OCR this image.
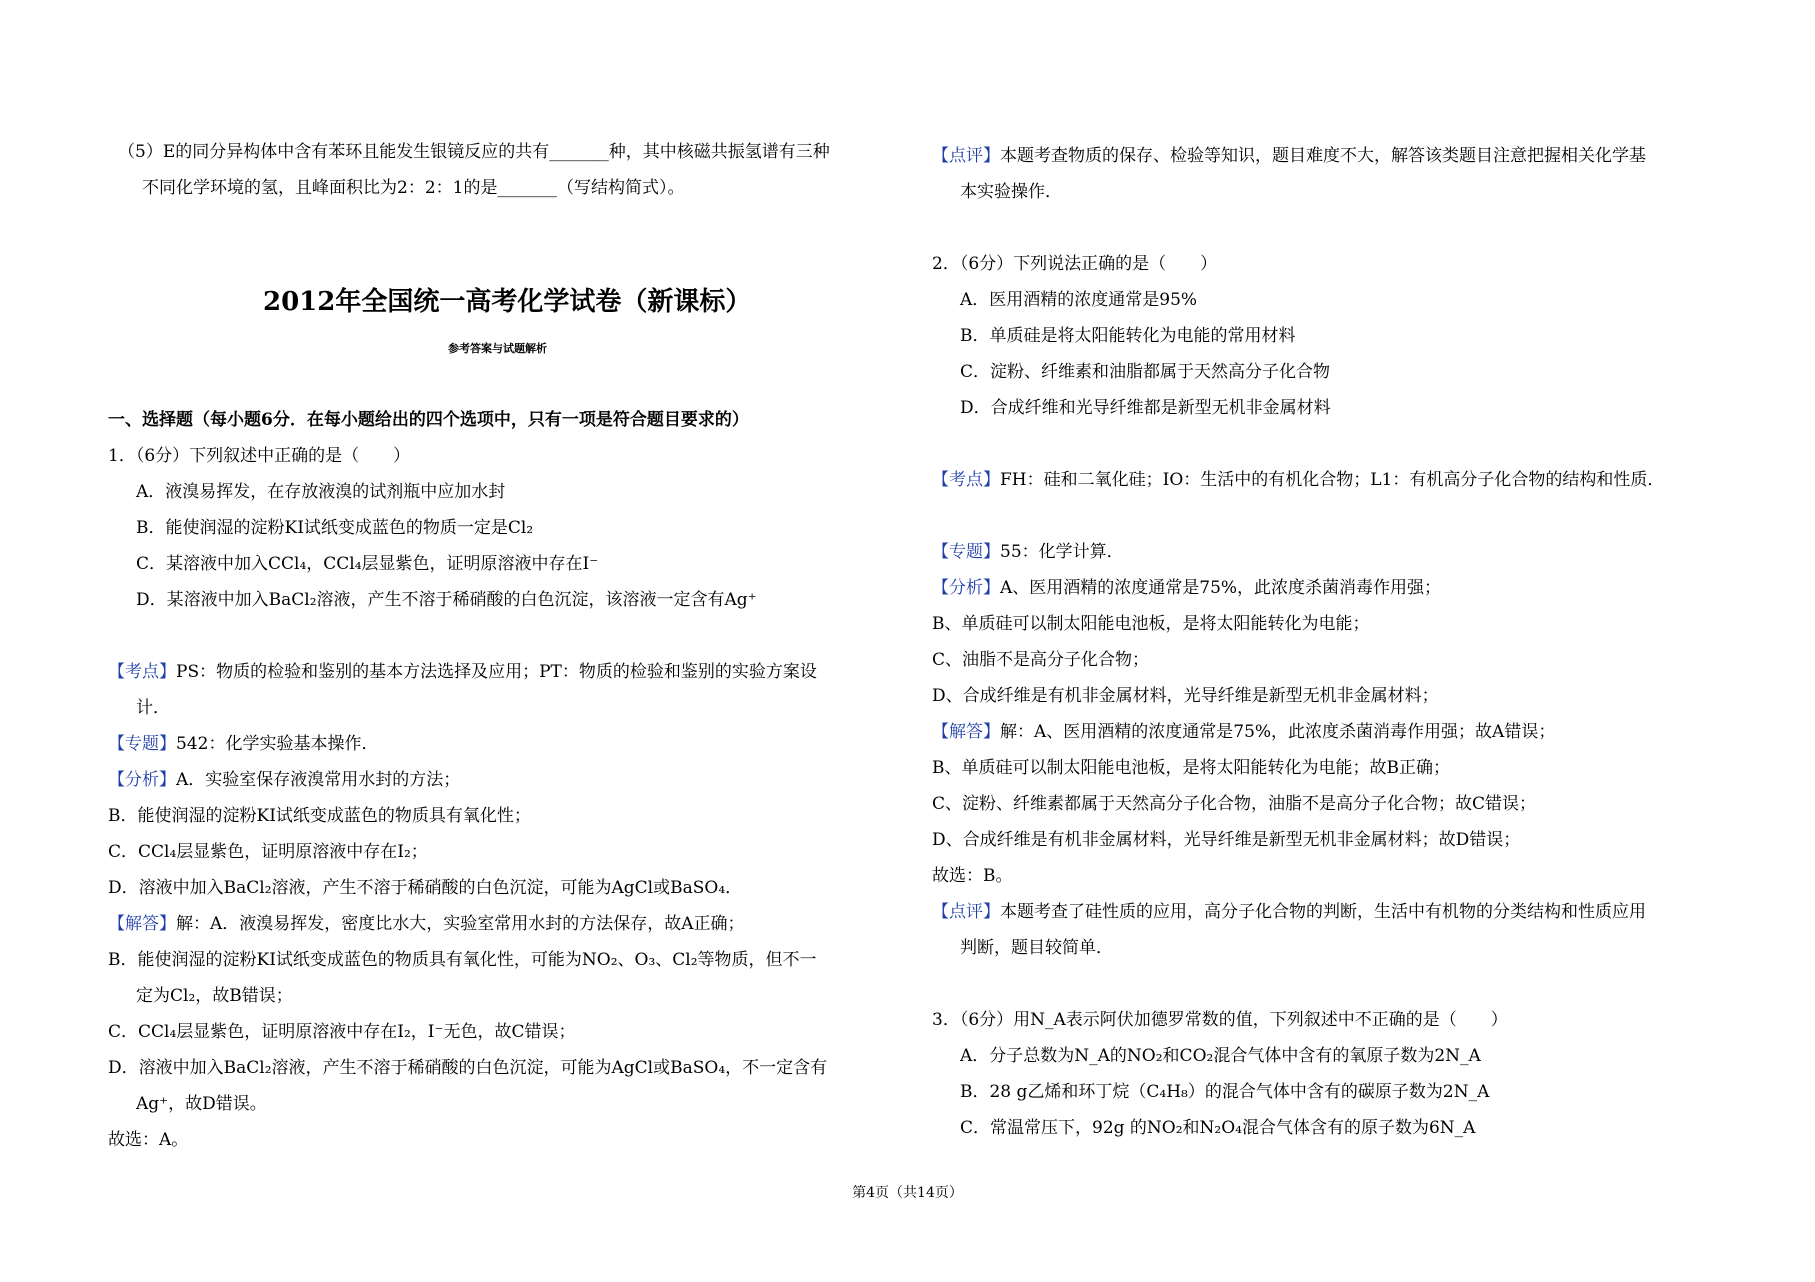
（5）E的同分异构体中含有苯环且能发生银镜反应的共有_______种，其中核磁共振氢谱有三种
不同化学环境的氢，且峰面积比为2：2：1的是_______（写结构简式）。
2012年全国统一高考化学试卷（新课标）
参考答案与试题解析
一、选择题（每小题6分．在每小题给出的四个选项中，只有一项是符合题目要求的）
1．（6分）下列叙述中正确的是（　　）
A．液溴易挥发，在存放液溴的试剂瓶中应加水封
B．能使润湿的淀粉KI试纸变成蓝色的物质一定是Cl₂
C．某溶液中加入CCl₄，CCl₄层显紫色，证明原溶液中存在I⁻
D．某溶液中加入BaCl₂溶液，产生不溶于稀硝酸的白色沉淀，该溶液一定含有Ag⁺
【考点】PS：物质的检验和鉴别的基本方法选择及应用；PT：物质的检验和鉴别的实验方案设
计．
【专题】542：化学实验基本操作．
【分析】A．实验室保存液溴常用水封的方法；
B．能使润湿的淀粉KI试纸变成蓝色的物质具有氧化性；
C．CCl₄层显紫色，证明原溶液中存在I₂；
D．溶液中加入BaCl₂溶液，产生不溶于稀硝酸的白色沉淀，可能为AgCl或BaSO₄．
【解答】解：A．液溴易挥发，密度比水大，实验室常用水封的方法保存，故A正确；
B．能使润湿的淀粉KI试纸变成蓝色的物质具有氧化性，可能为NO₂、O₃、Cl₂等物质，但不一
定为Cl₂，故B错误；
C．CCl₄层显紫色，证明原溶液中存在I₂，I⁻无色，故C错误；
D．溶液中加入BaCl₂溶液，产生不溶于稀硝酸的白色沉淀，可能为AgCl或BaSO₄，不一定含有
Ag⁺，故D错误。
故选：A。
【点评】本题考查物质的保存、检验等知识，题目难度不大，解答该类题目注意把握相关化学基
本实验操作．
2．（6分）下列说法正确的是（　　）
A．医用酒精的浓度通常是95%
B．单质硅是将太阳能转化为电能的常用材料
C．淀粉、纤维素和油脂都属于天然高分子化合物
D．合成纤维和光导纤维都是新型无机非金属材料
【考点】FH：硅和二氧化硅；IO：生活中的有机化合物；L1：有机高分子化合物的结构和性质．
【专题】55：化学计算．
【分析】A、医用酒精的浓度通常是75%，此浓度杀菌消毒作用强；
B、单质硅可以制太阳能电池板，是将太阳能转化为电能；
C、油脂不是高分子化合物；
D、合成纤维是有机非金属材料，光导纤维是新型无机非金属材料；
【解答】解：A、医用酒精的浓度通常是75%，此浓度杀菌消毒作用强；故A错误；
B、单质硅可以制太阳能电池板，是将太阳能转化为电能；故B正确；
C、淀粉、纤维素都属于天然高分子化合物，油脂不是高分子化合物；故C错误；
D、合成纤维是有机非金属材料，光导纤维是新型无机非金属材料；故D错误；
故选：B。
【点评】本题考查了硅性质的应用，高分子化合物的判断，生活中有机物的分类结构和性质应用
判断，题目较简单．
3．（6分）用N_A表示阿伏加德罗常数的值，下列叙述中不正确的是（　　）
A．分子总数为N_A的NO₂和CO₂混合气体中含有的氧原子数为2N_A
B．28 g乙烯和环丁烷（C₄H₈）的混合气体中含有的碳原子数为2N_A
C．常温常压下，92g 的NO₂和N₂O₄混合气体含有的原子数为6N_A
第4页（共14页）
